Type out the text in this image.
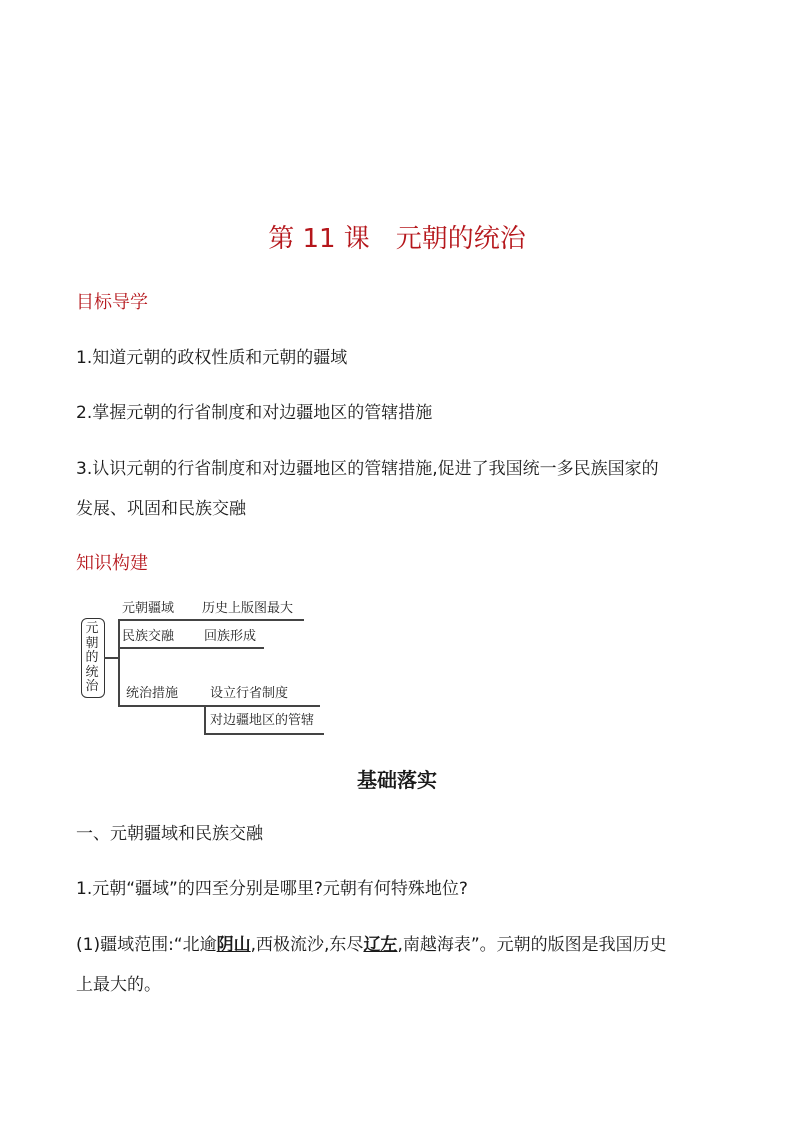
第 11 课　元朝的统治
目标导学
1.知道元朝的政权性质和元朝的疆域
2.掌握元朝的行省制度和对边疆地区的管辖措施
3.认识元朝的行省制度和对边疆地区的管辖措施,促进了我国统一多民族国家的
发展、巩固和民族交融
知识构建
元朝的统治
元朝疆域 历史上版图最大
民族交融 回族形成
统治措施 设立行省制度
对边疆地区的管辖
基础落实
一、元朝疆域和民族交融
1.元朝“疆域”的四至分别是哪里?元朝有何特殊地位?
(1)疆域范围:“北逾阴山,西极流沙,东尽辽左,南越海表”。元朝的版图是我国历史
上最大的。
